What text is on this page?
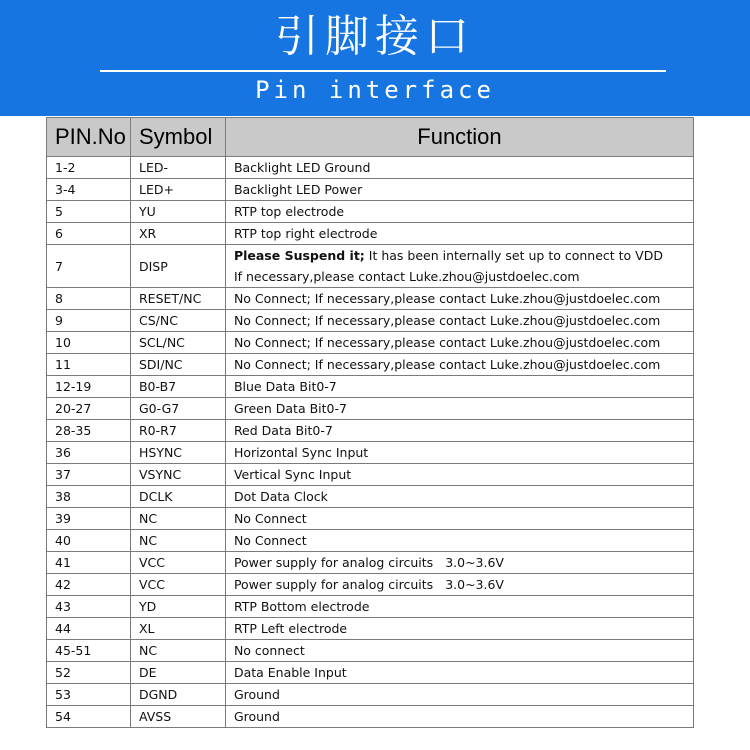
引脚接口
Pin interface
PIN.No	Symbol	Function
1-2	LED-	Backlight LED Ground
3-4	LED+	Backlight LED Power
5	YU	RTP top electrode
6	XR	RTP top right electrode
7	DISP	Please Suspend it; It has been internally set up to connect to VDD
If necessary,please contact Luke.zhou@justdoelec.com
8	RESET/NC	No Connect; If necessary,please contact Luke.zhou@justdoelec.com
9	CS/NC	No Connect; If necessary,please contact Luke.zhou@justdoelec.com
10	SCL/NC	No Connect; If necessary,please contact Luke.zhou@justdoelec.com
11	SDI/NC	No Connect; If necessary,please contact Luke.zhou@justdoelec.com
12-19	B0-B7	Blue Data Bit0-7
20-27	G0-G7	Green Data Bit0-7
28-35	R0-R7	Red Data Bit0-7
36	HSYNC	Horizontal Sync Input
37	VSYNC	Vertical Sync Input
38	DCLK	Dot Data Clock
39	NC	No Connect
40	NC	No Connect
41	VCC	Power supply for analog circuits 3.0~3.6V
42	VCC	Power supply for analog circuits 3.0~3.6V
43	YD	RTP Bottom electrode
44	XL	RTP Left electrode
45-51	NC	No connect
52	DE	Data Enable Input
53	DGND	Ground
54	AVSS	Ground
